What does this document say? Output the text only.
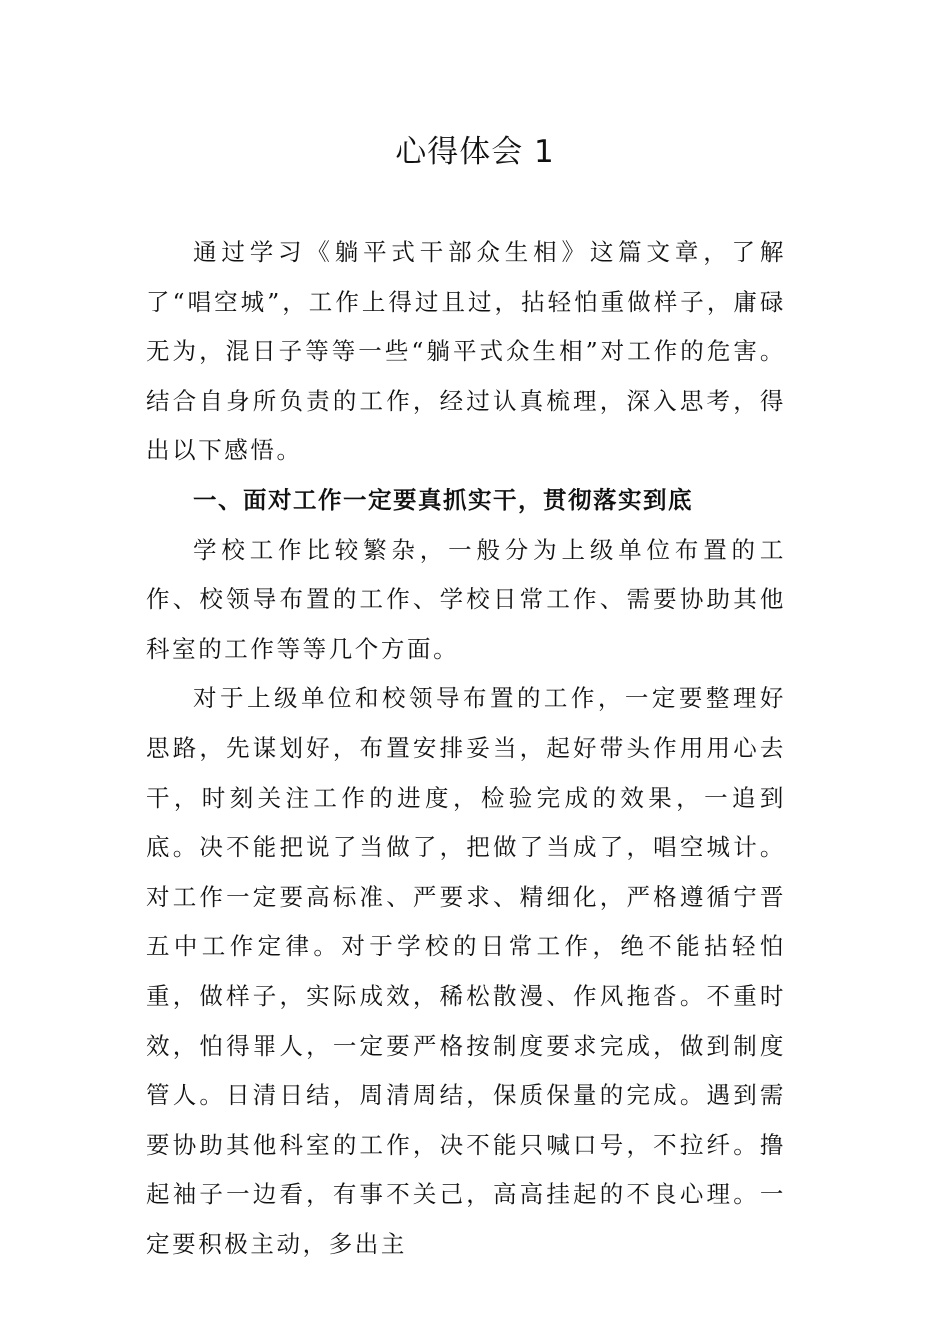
心得体会 1

通过学习《躺平式干部众生相》这篇文章，了解了“唱空城”，工作上得过且过，拈轻怕重做样子，庸碌无为，混日子等等一些“躺平式众生相”对工作的危害。结合自身所负责的工作，经过认真梳理，深入思考，得出以下感悟。

一、面对工作一定要真抓实干，贯彻落实到底

学校工作比较繁杂，一般分为上级单位布置的工作、校领导布置的工作、学校日常工作、需要协助其他科室的工作等等几个方面。

对于上级单位和校领导布置的工作，一定要整理好思路，先谋划好，布置安排妥当，起好带头作用用心去干，时刻关注工作的进度，检验完成的效果，一追到底。决不能把说了当做了，把做了当成了，唱空城计。对工作一定要高标准、严要求、精细化，严格遵循宁晋五中工作定律。对于学校的日常工作，绝不能拈轻怕重，做样子，实际成效，稀松散漫、作风拖沓。不重时效，怕得罪人，一定要严格按制度要求完成，做到制度管人。日清日结，周清周结，保质保量的完成。遇到需要协助其他科室的工作，决不能只喊口号，不拉纤。撸起袖子一边看，有事不关己，高高挂起的不良心理。一定要积极主动，多出主
